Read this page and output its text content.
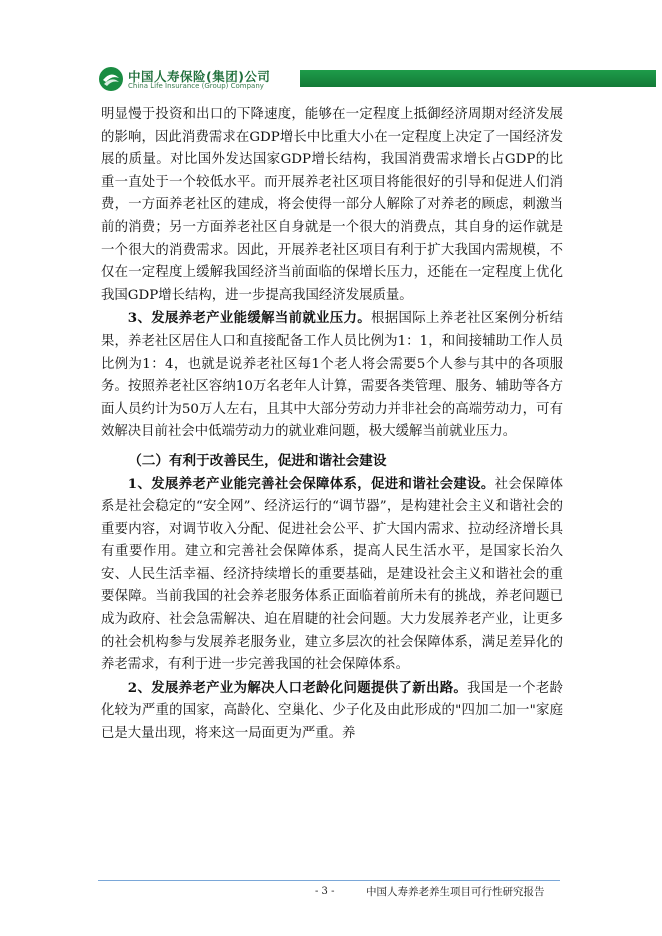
中国人寿保险(集团)公司
China Life Insurance (Group) Company

明显慢于投资和出口的下降速度，能够在一定程度上抵御经济周期对经济发展的影响，因此消费需求在GDP增长中比重大小在一定程度上决定了一国经济发展的质量。对比国外发达国家GDP增长结构，我国消费需求增长占GDP的比重一直处于一个较低水平。而开展养老社区项目将能很好的引导和促进人们消费，一方面养老社区的建成，将会使得一部分人解除了对养老的顾虑，刺激当前的消费；另一方面养老社区自身就是一个很大的消费点，其自身的运作就是一个很大的消费需求。因此，开展养老社区项目有利于扩大我国内需规模，不仅在一定程度上缓解我国经济当前面临的保增长压力，还能在一定程度上优化我国GDP增长结构，进一步提高我国经济发展质量。

3、发展养老产业能缓解当前就业压力。根据国际上养老社区案例分析结果，养老社区居住人口和直接配备工作人员比例为1：1，和间接辅助工作人员比例为1：4，也就是说养老社区每1个老人将会需要5个人参与其中的各项服务。按照养老社区容纳10万名老年人计算，需要各类管理、服务、辅助等各方面人员约计为50万人左右，且其中大部分劳动力并非社会的高端劳动力，可有效解决目前社会中低端劳动力的就业难问题，极大缓解当前就业压力。

（二）有利于改善民生，促进和谐社会建设

1、发展养老产业能完善社会保障体系，促进和谐社会建设。社会保障体系是社会稳定的“安全网”、经济运行的“调节器”，是构建社会主义和谐社会的重要内容，对调节收入分配、促进社会公平、扩大国内需求、拉动经济增长具有重要作用。建立和完善社会保障体系，提高人民生活水平，是国家长治久安、人民生活幸福、经济持续增长的重要基础，是建设社会主义和谐社会的重要保障。当前我国的社会养老服务体系正面临着前所未有的挑战，养老问题已成为政府、社会急需解决、迫在眉睫的社会问题。大力发展养老产业，让更多的社会机构参与发展养老服务业，建立多层次的社会保障体系，满足差异化的养老需求，有利于进一步完善我国的社会保障体系。

2、发展养老产业为解决人口老龄化问题提供了新出路。我国是一个老龄化较为严重的国家，高龄化、空巢化、少子化及由此形成的"四加二加一"家庭已是大量出现，将来这一局面更为严重。养

- 3 -	中国人寿养老养生项目可行性研究报告
